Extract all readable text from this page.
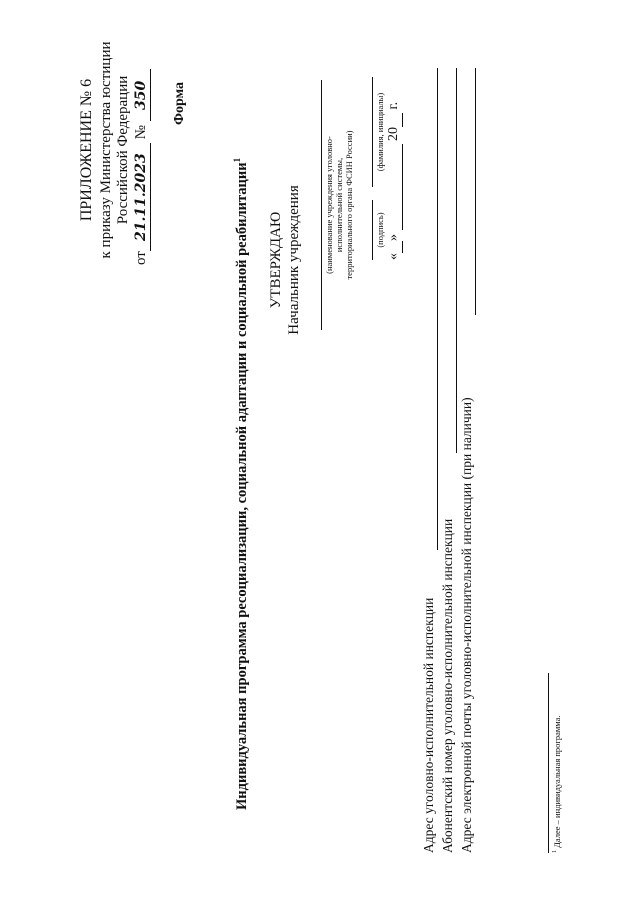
ПРИЛОЖЕНИЕ № 6 к приказу Министерства юстиции Российской Федерации
от21.11.2023 № 350 Форма
Индивидуальная программа ресоциализации, социальной адаптации и социальной реабилитации$^1$
УТВЕРЖДАЮ Начальник учреждения	(наименование учреждения уголовно- исполнительной системы, территориального органа ФСИН России) (подпись)
(фамилия, инициалы)
« »   20  г.
Адрес уголовно-исполнительной инспекции Абонентский номер уголовно-исполнительной инспекции Адрес электронной почты уголовно-исполнительной инспекции (при наличии)	$^1$ Далее – индивидуальная программа.
